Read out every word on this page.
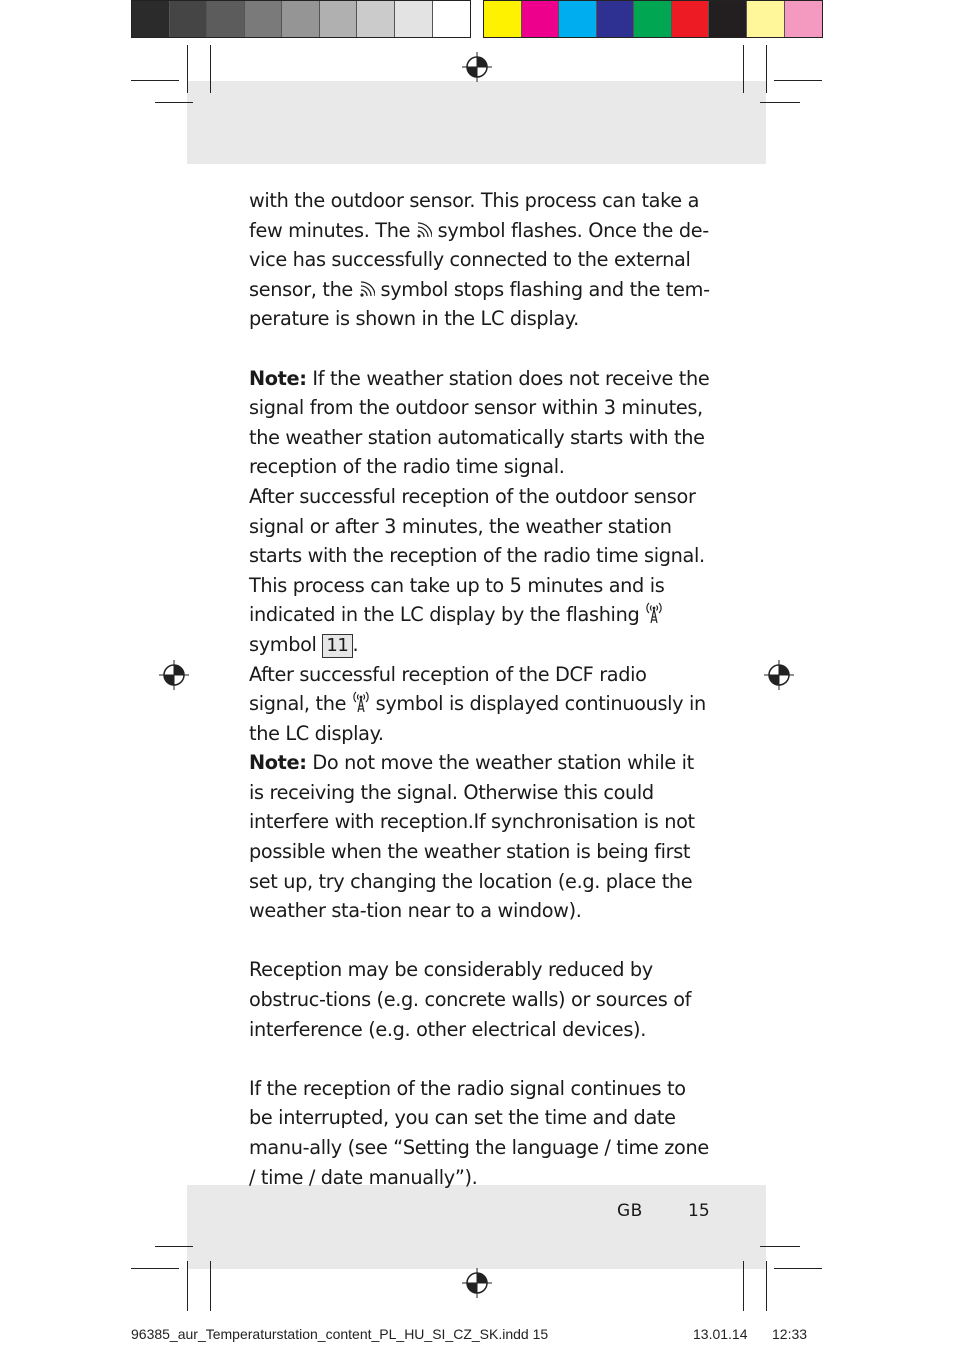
with the outdoor sensor. This process can take a few minutes. The  symbol flashes. Once the de-vice has successfully connected to the external sensor, the  symbol stops flashing and the tem-perature is shown in the LC display.

Note: If the weather station does not receive the signal from the outdoor sensor within 3 minutes, the weather station automatically starts with the reception of the radio time signal.

After successful reception of the outdoor sensor signal or after 3 minutes, the weather station starts with the reception of the radio time signal. This process can take up to 5 minutes and is indicated in the LC display by the flashing  symbol 11 .

After successful reception of the DCF radio signal, the  symbol is displayed continuously in the LC display.

Note: Do not move the weather station while it is receiving the signal. Otherwise this could interfere with reception.If synchronisation is not possible when the weather station is being first set up, try changing the location (e.g. place the weather sta-tion near to a window).

Reception may be considerably reduced by obstruc-tions (e.g. concrete walls) or sources of interference (e.g. other electrical devices).

If the reception of the radio signal continues to be interrupted, you can set the time and date manu-ally (see “Setting the language / time zone / time / date manually”).

GB	15
96385_aur_Temperaturstation_content_PL_HU_SI_CZ_SK.indd 15	13.01.14 12:33
